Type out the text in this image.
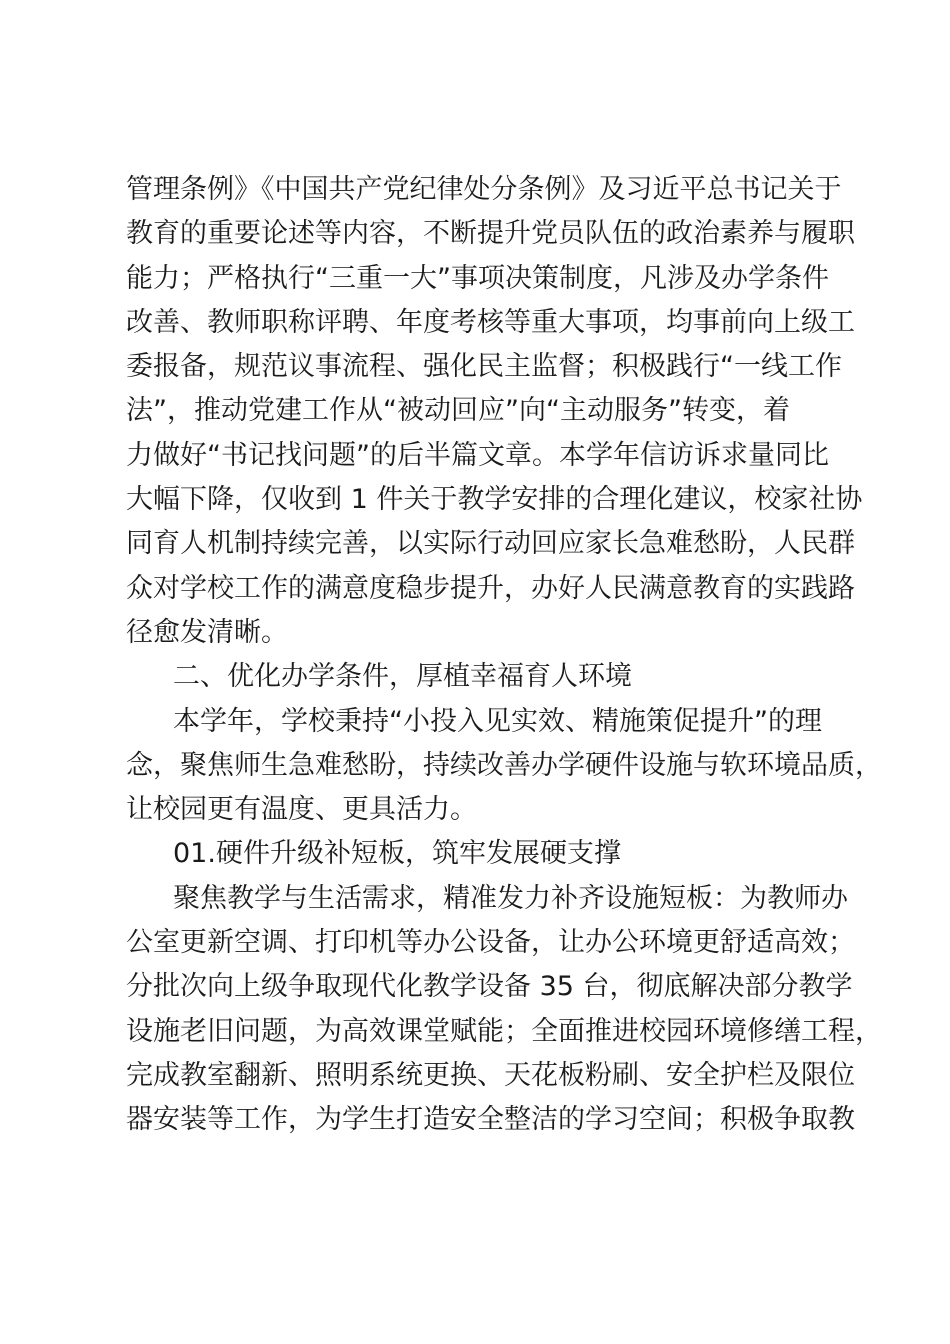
管理条例》《中国共产党纪律处分条例》及习近平总书记关于
教育的重要论述等内容，不断提升党员队伍的政治素养与履职
能力；严格执行“三重一大”事项决策制度，凡涉及办学条件
改善、教师职称评聘、年度考核等重大事项，均事前向上级工
委报备，规范议事流程、强化民主监督；积极践行“一线工作
法”，推动党建工作从“被动回应”向“主动服务”转变，着
力做好“书记找问题”的后半篇文章。本学年信访诉求量同比
大幅下降，仅收到 1 件关于教学安排的合理化建议，校家社协
同育人机制持续完善，以实际行动回应家长急难愁盼，人民群
众对学校工作的满意度稳步提升，办好人民满意教育的实践路
径愈发清晰。
二、优化办学条件，厚植幸福育人环境
本学年，学校秉持“小投入见实效、精施策促提升”的理
念，聚焦师生急难愁盼，持续改善办学硬件设施与软环境品质，
让校园更有温度、更具活力。
01.硬件升级补短板，筑牢发展硬支撑
聚焦教学与生活需求，精准发力补齐设施短板：为教师办
公室更新空调、打印机等办公设备，让办公环境更舒适高效；
分批次向上级争取现代化教学设备 35 台，彻底解决部分教学
设施老旧问题，为高效课堂赋能；全面推进校园环境修缮工程，
完成教室翻新、照明系统更换、天花板粉刷、安全护栏及限位
器安装等工作，为学生打造安全整洁的学习空间；积极争取教
